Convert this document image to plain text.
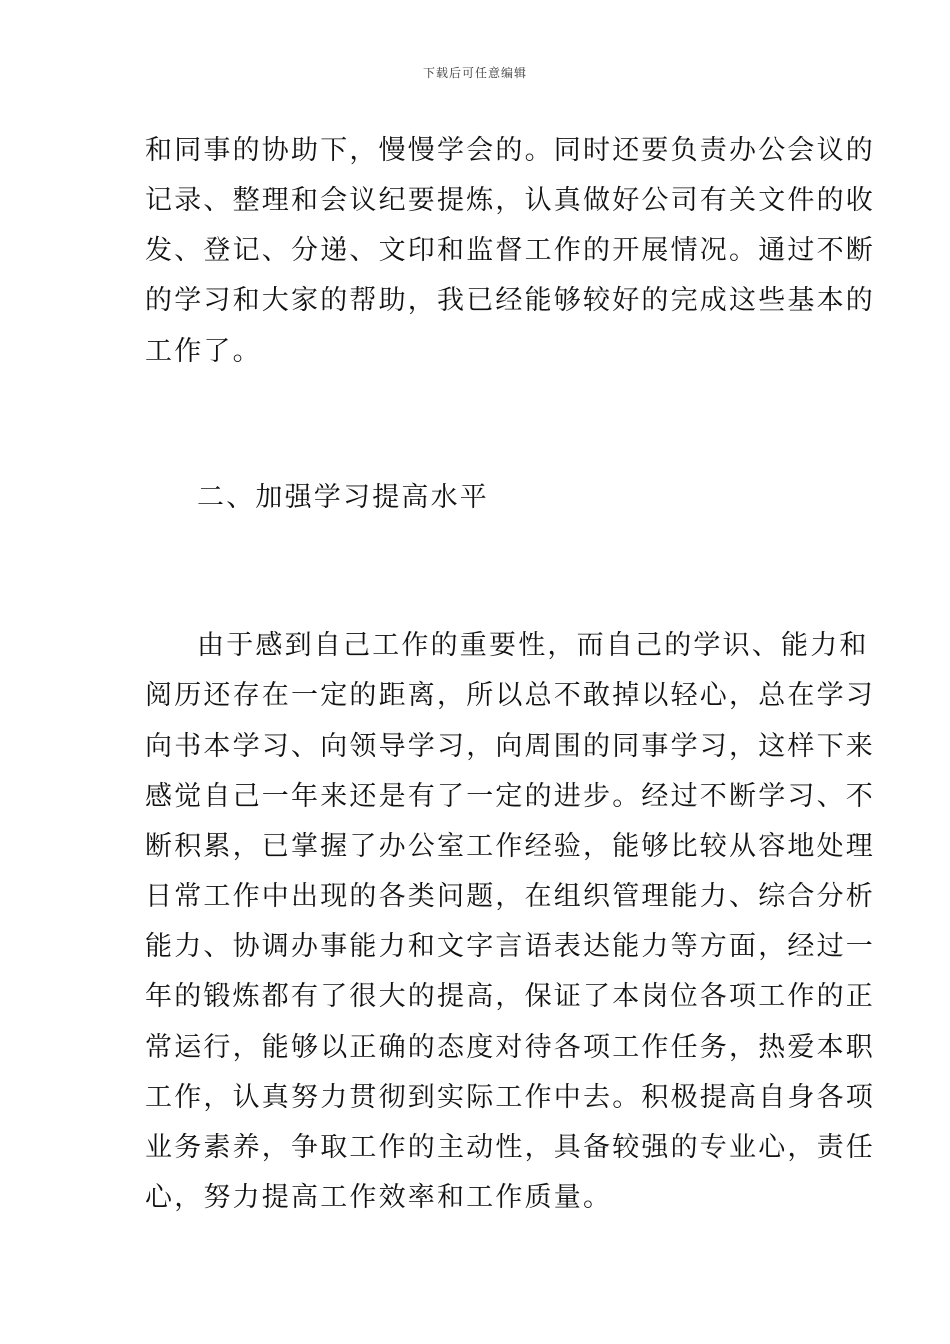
下载后可任意编辑
和同事的协助下，慢慢学会的。同时还要负责办公会议的
记录、整理和会议纪要提炼，认真做好公司有关文件的收
发、登记、分递、文印和监督工作的开展情况。通过不断
的学习和大家的帮助，我已经能够较好的完成这些基本的
工作了。
二、加强学习提高水平
由于感到自己工作的重要性，而自己的学识、能力和
阅历还存在一定的距离，所以总不敢掉以轻心，总在学习
向书本学习、向领导学习，向周围的同事学习，这样下来
感觉自己一年来还是有了一定的进步。经过不断学习、不
断积累，已掌握了办公室工作经验，能够比较从容地处理
日常工作中出现的各类问题，在组织管理能力、综合分析
能力、协调办事能力和文字言语表达能力等方面，经过一
年的锻炼都有了很大的提高，保证了本岗位各项工作的正
常运行，能够以正确的态度对待各项工作任务，热爱本职
工作，认真努力贯彻到实际工作中去。积极提高自身各项
业务素养，争取工作的主动性，具备较强的专业心，责任
心，努力提高工作效率和工作质量。
